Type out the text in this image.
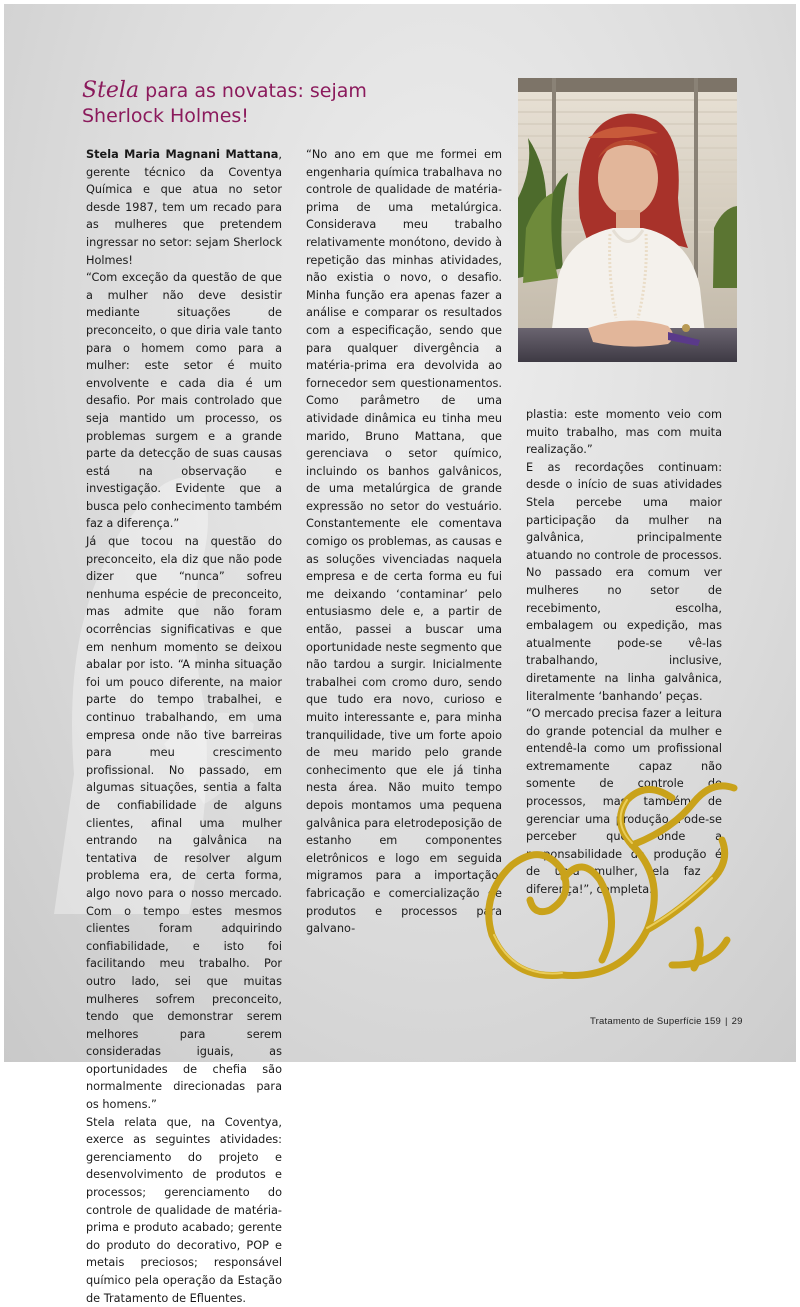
Stela para as novatas: sejam Sherlock Holmes!

Stela Maria Magnani Mattana, gerente técnico da Coventya Química e que atua no setor desde 1987, tem um recado para as mulheres que pretendem ingressar no setor: sejam Sherlock Holmes!

“Com exceção da questão de que a mulher não deve desistir mediante situações de preconceito, o que diria vale tanto para o homem como para a mulher: este setor é muito envolvente e cada dia é um desafio. Por mais controlado que seja mantido um processo, os problemas surgem e a grande parte da detecção de suas causas está na observação e investigação. Evidente que a busca pelo conhecimento também faz a diferença.”

Já que tocou na questão do preconceito, ela diz que não pode dizer que “nunca” sofreu nenhuma espécie de preconceito, mas admite que não foram ocorrências significativas e que em nenhum momento se deixou abalar por isto. “A minha situação foi um pouco diferente, na maior parte do tempo trabalhei, e continuo trabalhando, em uma empresa onde não tive barreiras para meu crescimento profissional. No passado, em algumas situações, sentia a falta de confiabilidade de alguns clientes, afinal uma mulher entrando na galvânica na tentativa de resolver algum problema era, de certa forma, algo novo para o nosso mercado. Com o tempo estes mesmos clientes foram adquirindo confiabilidade, e isto foi facilitando meu trabalho. Por outro lado, sei que muitas mulheres sofrem preconceito, tendo que demonstrar serem melhores para serem consideradas iguais, as oportunidades de chefia são normalmente direcionadas para os homens.”

Stela relata que, na Coventya, exerce as seguintes atividades: gerenciamento do projeto e desenvolvimento de produtos e processos; gerenciamento do controle de qualidade de matéria-prima e produto acabado; gerente do produto do decorativo, POP e metais preciosos; responsável químico pela operação da Estação de Tratamento de Efluentes.

“No ano em que me formei em engenharia química trabalhava no controle de qualidade de matéria-prima de uma metalúrgica. Considerava meu trabalho relativamente monótono, devido à repetição das minhas atividades, não existia o novo, o desafio. Minha função era apenas fazer a análise e comparar os resultados com a especificação, sendo que para qualquer divergência a matéria-prima era devolvida ao fornecedor sem questionamentos. Como parâmetro de uma atividade dinâmica eu tinha meu marido, Bruno Mattana, que gerenciava o setor químico, incluindo os banhos galvânicos, de uma metalúrgica de grande expressão no setor do vestuário. Constantemente ele comentava comigo os problemas, as causas e as soluções vivenciadas naquela empresa e de certa forma eu fui me deixando ‘contaminar’ pelo entusiasmo dele e, a partir de então, passei a buscar uma oportunidade neste segmento que não tardou a surgir. Inicialmente trabalhei com cromo duro, sendo que tudo era novo, curioso e muito interessante e, para minha tranquilidade, tive um forte apoio de meu marido pelo grande conhecimento que ele já tinha nesta área. Não muito tempo depois montamos uma pequena galvânica para eletrodeposição de estanho em componentes eletrônicos e logo em seguida migramos para a importação, fabricação e comercialização de produtos e processos para galvano-

plastia: este momento veio com muito trabalho, mas com muita realização.”

E as recordações continuam: desde o início de suas atividades Stela percebe uma maior participação da mulher na galvânica, principalmente atuando no controle de processos. No passado era comum ver mulheres no setor de recebimento, escolha, embalagem ou expedição, mas atualmente pode-se vê-las trabalhando, inclusive, diretamente na linha galvânica, literalmente ‘banhando’ peças.

“O mercado precisa fazer a leitura do grande potencial da mulher e entendê-la como um profissional extremamente capaz não somente de controle de processos, mas também de gerenciar uma produção. Pode-se perceber que onde a responsabilidade da produção é de uma mulher, ela faz a diferença!”, completa.

Tratamento de Superfície 159 | 29
